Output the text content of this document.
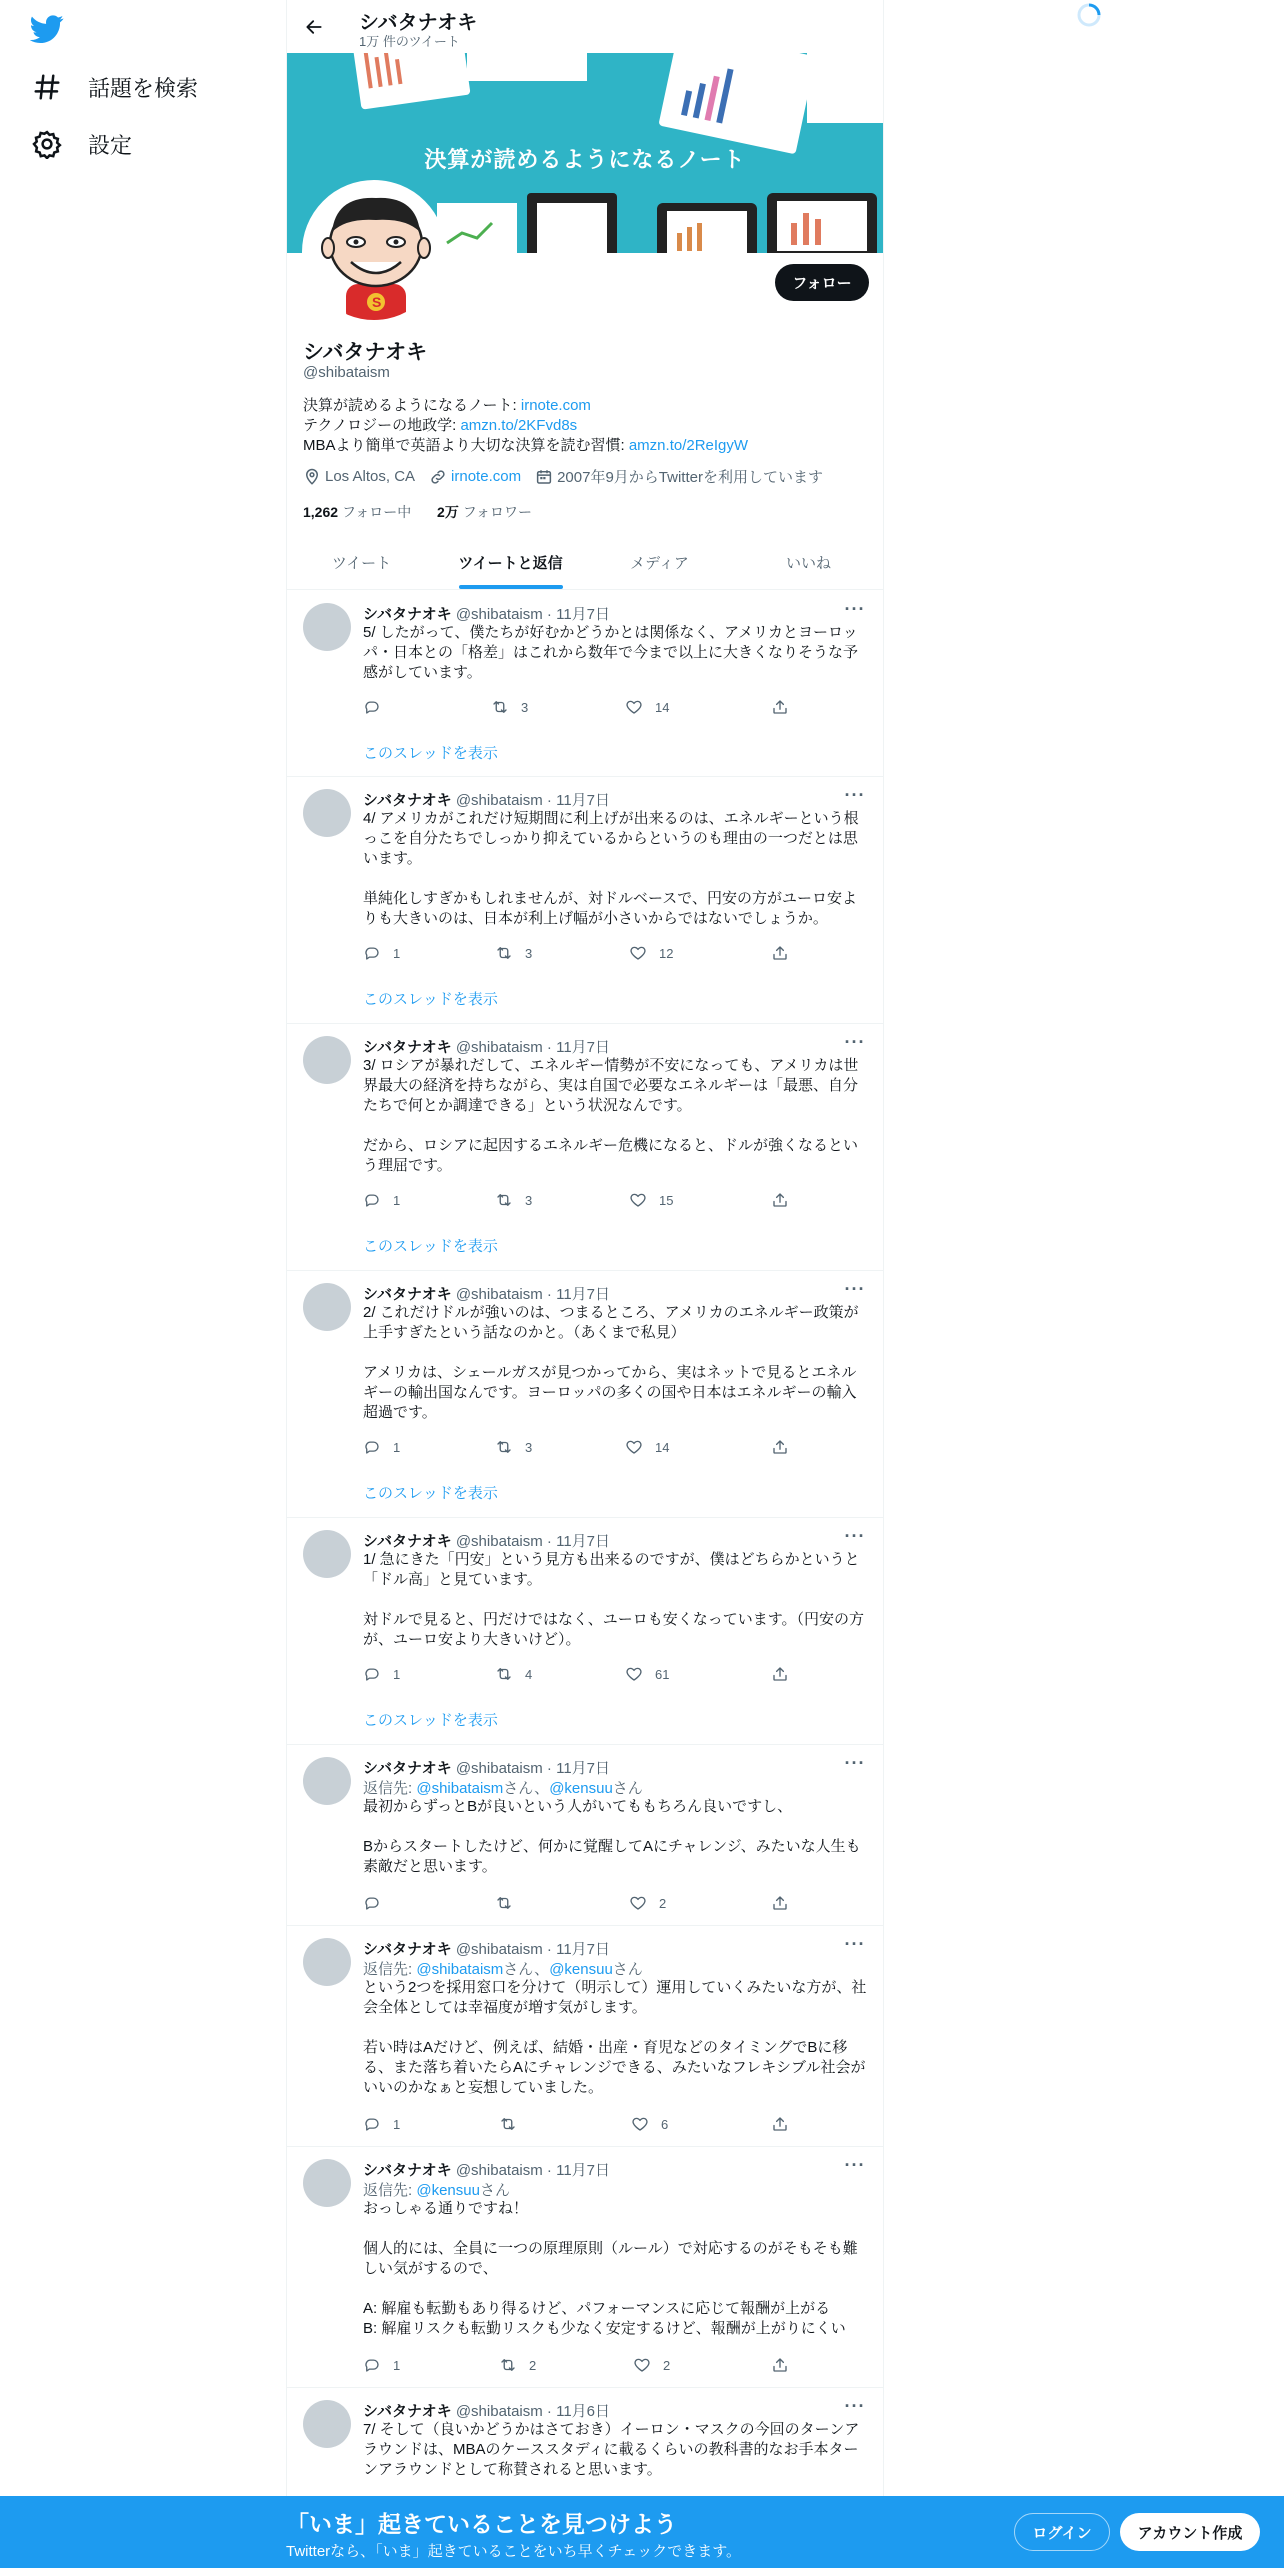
話題を検索
設定
シバタナオキ
1万 件のツイート
決算が読めるようになるノート
S
フォロー
シバタナオキ
@shibataism
決算が読めるようになるノート: irnote.com
テクノロジーの地政学: amzn.to/2KFvd8s
MBAより簡単で英語より大切な決算を読む習慣: amzn.to/2ReIgyW
Los Altos, CA irnote.com 2007年9月からTwitterを利用しています
1,262 フォロー中 2万 フォロワー
ツイート	ツイートと返信	メディア	いいね
シバタナオキ @shibataism · 11月7日	···
5/ したがって、僕たちが好むかどうかとは関係なく、アメリカとヨーロッパ・日本との「格差」はこれから数年で今まで以上に大きくなりそうな予感がしています。
3	14
このスレッドを表示
シバタナオキ @shibataism · 11月7日	···
4/ アメリカがこれだけ短期間に利上げが出来るのは、エネルギーという根っこを自分たちでしっかり抑えているからというのも理由の一つだとは思います。

単純化しすぎかもしれませんが、対ドルベースで、円安の方がユーロ安よりも大きいのは、日本が利上げ幅が小さいからではないでしょうか。
1	3	12
このスレッドを表示
シバタナオキ @shibataism · 11月7日	···
3/ ロシアが暴れだして、エネルギー情勢が不安になっても、アメリカは世界最大の経済を持ちながら、実は自国で必要なエネルギーは「最悪、自分たちで何とか調達できる」という状況なんです。

だから、ロシアに起因するエネルギー危機になると、ドルが強くなるという理屈です。
1	3	15
このスレッドを表示
シバタナオキ @shibataism · 11月7日	···
2/ これだけドルが強いのは、つまるところ、アメリカのエネルギー政策が上手すぎたという話なのかと。（あくまで私見）

アメリカは、シェールガスが見つかってから、実はネットで見るとエネルギーの輸出国なんです。ヨーロッパの多くの国や日本はエネルギーの輸入超過です。
1	3	14
このスレッドを表示
シバタナオキ @shibataism · 11月7日	···
1/ 急にきた「円安」という見方も出来るのですが、僕はどちらかというと「ドル高」と見ています。

対ドルで見ると、円だけではなく、ユーロも安くなっています。（円安の方が、ユーロ安より大きいけど）。
1	4	61
このスレッドを表示
シバタナオキ @shibataism · 11月7日	···
返信先: @shibataismさん、@kensuuさん
最初からずっとBが良いという人がいてももちろん良いですし、

Bからスタートしたけど、何かに覚醒してAにチャレンジ、みたいな人生も素敵だと思います。
2
シバタナオキ @shibataism · 11月7日	···
返信先: @shibataismさん、@kensuuさん
という2つを採用窓口を分けて（明示して）運用していくみたいな方が、社会全体としては幸福度が増す気がします。

若い時はAだけど、例えば、結婚・出産・育児などのタイミングでBに移る、また落ち着いたらAにチャレンジできる、みたいなフレキシブル社会がいいのかなぁと妄想していました。
1	6
シバタナオキ @shibataism · 11月7日	···
返信先: @kensuuさん
おっしゃる通りですね！

個人的には、全員に一つの原理原則（ルール）で対応するのがそもそも難しい気がするので、

A: 解雇も転勤もあり得るけど、パフォーマンスに応じて報酬が上がる
B: 解雇リスクも転勤リスクも少なく安定するけど、報酬が上がりにくい
1	2	2
シバタナオキ @shibataism · 11月6日	···
7/ そして（良いかどうかはさておき）イーロン・マスクの今回のターンアラウンドは、MBAのケーススタディに載るくらいの教科書的なお手本ターンアラウンドとして称賛されると思います。
「いま」起きていることを見つけよう
Twitterなら、「いま」起きていることをいち早くチェックできます。
ログイン	アカウント作成
